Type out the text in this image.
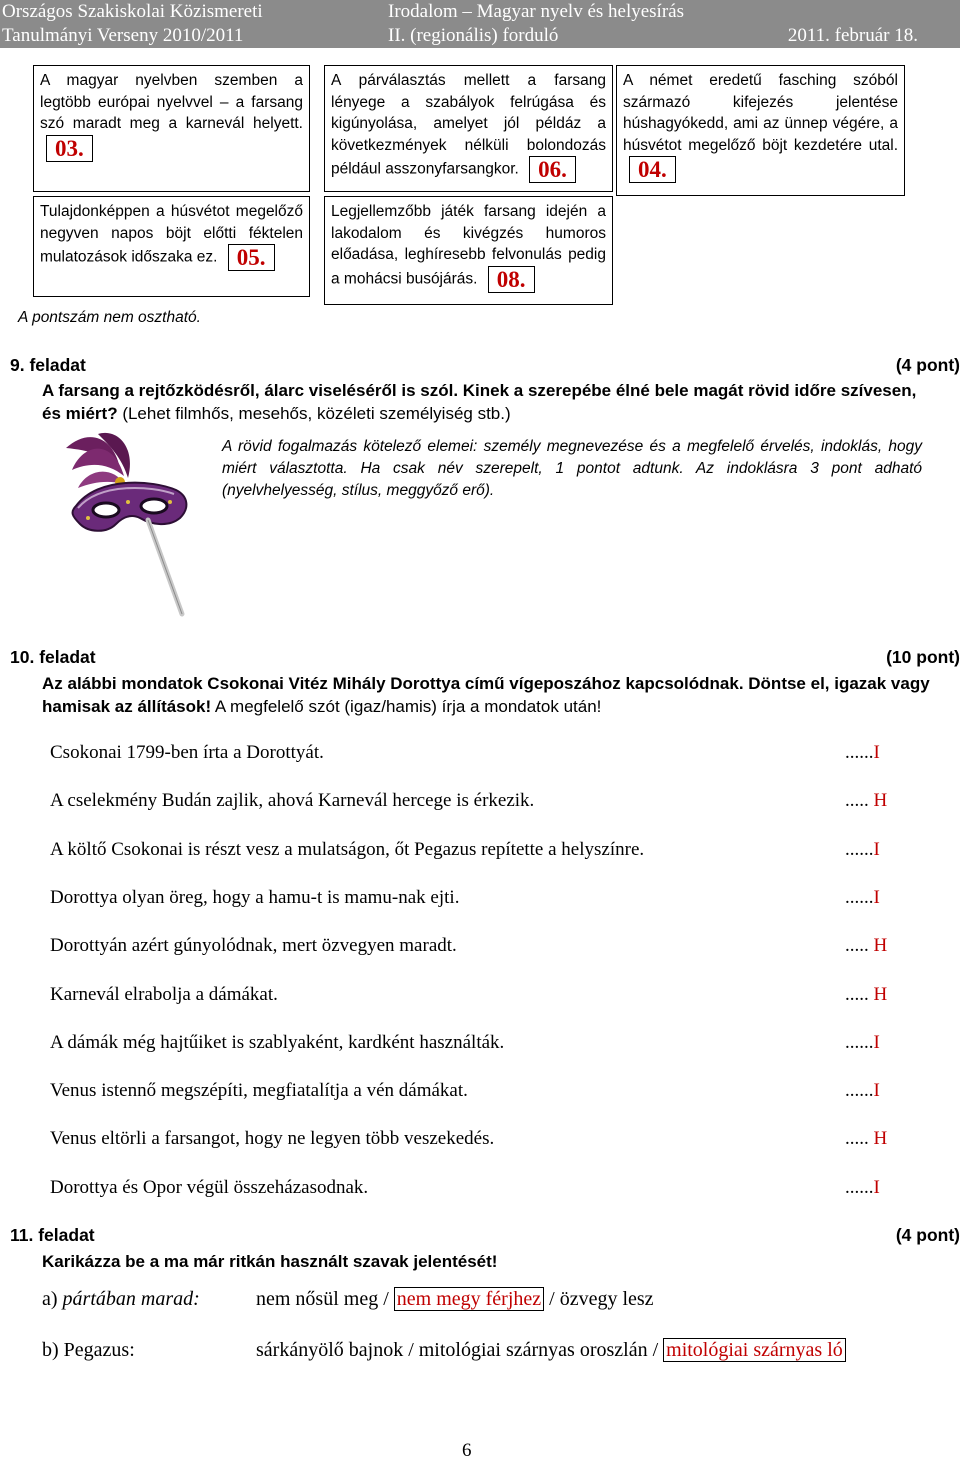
Országos Szakiskolai Közismereti	Irodalom – Magyar nyelv és helyesírás
Tanulmányi Verseny 2010/2011	II. (regionális) forduló	2011. február 18.
A magyar nyelvben szemben a legtöbb európai nyelvvel – a farsang szó maradt meg a karnevál helyett. 03.
A párválasztás mellett a farsang lényege a szabályok felrúgása és kigúnyolása, amelyet jól példáz a következmények nélküli bolondozás például asszonyfarsangkor. 06.
A német eredetű fasching szóból származó kifejezés jelentése húshagyókedd, ami az ünnep végére, a húsvétot megelőző böjt kezdetére utal. 04.
Tulajdonképpen a húsvétot megelőző negyven napos böjt előtti féktelen mulatozások időszaka ez. 05.
Legjellemzőbb játék farsang idején a lakodalom és kivégzés humoros előadása, leghíresebb felvonulás pedig a mohácsi busójárás. 08.
A pontszám nem osztható.
9. feladat	(4 pont)
A farsang a rejtőzködésről, álarc viseléséről is szól. Kinek a szerepébe élné bele magát rövid időre szívesen, és miért? (Lehet filmhős, mesehős, közéleti személyiség stb.)
A rövid fogalmazás kötelező elemei: személy megnevezése és a megfelelő érvelés, indoklás, hogy miért választotta. Ha csak név szerepelt, 1 pontot adtunk. Az indoklásra 3 pont adható (nyelvhelyesség, stílus, meggyőző erő).
10. feladat	(10 pont)
Az alábbi mondatok Csokonai Vitéz Mihály Dorottya című vígeposzához kapcsolódnak. Döntse el, igazak vagy hamisak az állítások! A megfelelő szót (igaz/hamis) írja a mondatok után!
Csokonai 1799-ben írta a Dorottyát.	......I
A cselekmény Budán zajlik, ahová Karnevál hercege is érkezik.	..... H
A költő Csokonai is részt vesz a mulatságon, őt Pegazus repítette a helyszínre.	......I
Dorottya olyan öreg, hogy a hamu-t is mamu-nak ejti.	......I
Dorottyán azért gúnyolódnak, mert özvegyen maradt.	..... H
Karnevál elrabolja a dámákat.	..... H
A dámák még hajtűiket is szablyaként, kardként használták.	......I
Venus istennő megszépíti, megfiatalítja a vén dámákat.	......I
Venus eltörli a farsangot, hogy ne legyen több veszekedés.	..... H
Dorottya és Opor végül összeházasodnak.	......I
11. feladat	(4 pont)
Karikázza be a ma már ritkán használt szavak jelentését!
a) pártában marad:	nem nősül meg / nem megy férjhez / özvegy lesz
b) Pegazus:	sárkányölő bajnok / mitológiai szárnyas oroszlán / mitológiai szárnyas ló
6
